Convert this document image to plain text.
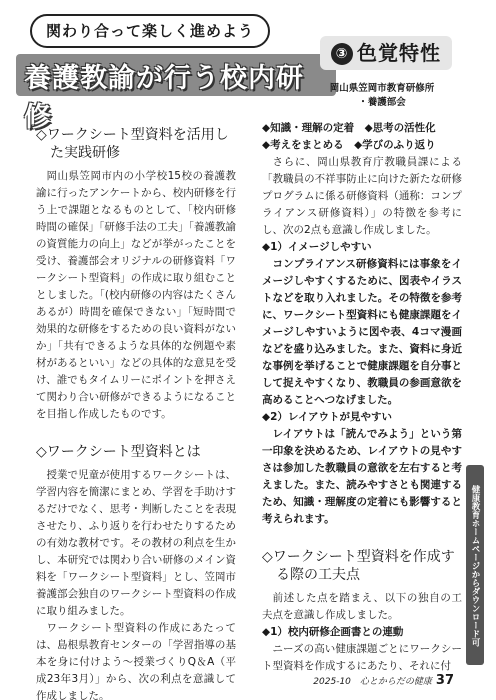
関わり合って楽しく進めよう
養護教諭が行う校内研修
③ 色覚特性
岡山県笠岡市教育研修所
・養護部会
◇ワークシート型資料を活用した実践研修

岡山県笠岡市内の小学校15校の養護教諭に行ったアンケートから、校内研修を行う上で課題となるものとして、「校内研修時間の確保」「研修手法の工夫」「養護教諭の資質能力の向上」などが挙がったことを受け、養護部会オリジナルの研修資料「ワークシート型資料」の作成に取り組むこととしました。「(校内研修の内容はたくさんあるが）時間を確保できない」「短時間で効果的な研修をするための良い資料がないか」「共有できるような具体的な例題や素材があるといい」などの具体的な意見を受け、誰でもタイムリーにポイントを押さえて関わり合い研修ができるようになることを目指し作成したものです。

◇ワークシート型資料とは

授業で児童が使用するワークシートは、学習内容を簡潔にまとめ、学習を手助けするだけでなく、思考・判断したことを表現させたり、ふり返りを行わせたりするための有効な教材です。その教材の利点を生かし、本研究では関わり合い研修のメイン資料を「ワークシート型資料」とし、笠岡市養護部会独自のワークシート型資料の作成に取り組みました。

ワークシート型資料の作成にあたっては、島根県教育センターの「学習指導の基本を身に付けよう～授業づくりQ＆A（平成23年3月）」から、次の利点を意識して作成しました。

◆知識・理解の定着　◆思考の活性化
◆考えをまとめる　◆学びのふり返り

さらに、岡山県教育庁教職員課による「教職員の不祥事防止に向けた新たな研修プログラムに係る研修資料（通称：コンプライアンス研修資料）」の特徴を参考にし、次の2点も意識し作成しました。

◆1）イメージしやすい

コンプライアンス研修資料には事象をイメージしやすくするために、図表やイラストなどを取り入れました。その特徴を参考に、ワークシート型資料にも健康課題をイメージしやすいように図や表、4コマ漫画などを盛り込みました。また、資料に身近な事例を挙げることで健康課題を自分事として捉えやすくなり、教職員の参画意欲を高めることへつなげました。

◆2）レイアウトが見やすい

レイアウトは「読んでみよう」という第一印象を決めるため、レイアウトの見やすさは参加した教職員の意欲を左右すると考えました。また、読みやすさとも関連するため、知識・理解度の定着にも影響すると考えられます。

◇ワークシート型資料を作成する際の工夫点

前述した点を踏まえ、以下の独自の工夫点を意識し作成しました。

◆1）校内研修企画書との連動

ニーズの高い健康課題ごとにワークシート型資料を作成するにあたり、それに付

健康教育ホームページからダウンロード可
2025-10　心とからだの健康 37
